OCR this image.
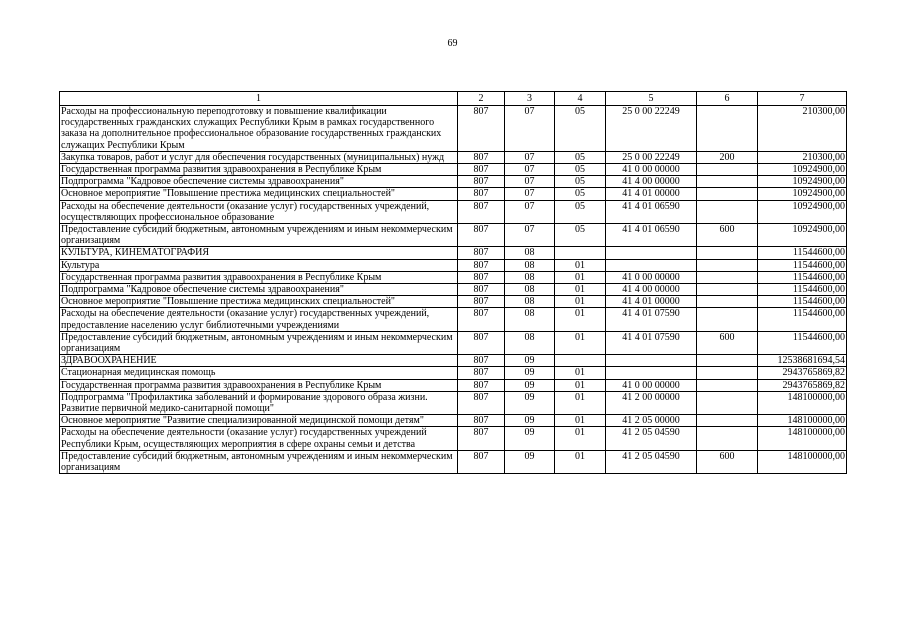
69
1	2	3	4	5	6	7
Расходы на профессиональную переподготовку и повышение квалификации государственных гражданских служащих Республики Крым в рамках государственного заказа на дополнительное профессиональное образование государственных гражданских служащих Республики Крым	807	07	05	25 0 00 22249		210300,00
Закупка товаров, работ и услуг для обеспечения государственных (муниципальных) нужд	807	07	05	25 0 00 22249	200	210300,00
Государственная программа развития здравоохранения в Республике Крым	807	07	05	41 0 00 00000		10924900,00
Подпрограмма "Кадровое обеспечение системы здравоохранения"	807	07	05	41 4 00 00000		10924900,00
Основное мероприятие "Повышение престижа медицинских специальностей"	807	07	05	41 4 01 00000		10924900,00
Расходы на обеспечение деятельности (оказание услуг) государственных учреждений, осуществляющих профессиональное образование	807	07	05	41 4 01 06590		10924900,00
Предоставление субсидий бюджетным, автономным учреждениям и иным некоммерческим организациям	807	07	05	41 4 01 06590	600	10924900,00
КУЛЬТУРА, КИНЕМАТОГРАФИЯ	807	08				11544600,00
Культура	807	08	01			11544600,00
Государственная программа развития здравоохранения в Республике Крым	807	08	01	41 0 00 00000		11544600,00
Подпрограмма "Кадровое обеспечение системы здравоохранения"	807	08	01	41 4 00 00000		11544600,00
Основное мероприятие "Повышение престижа медицинских специальностей"	807	08	01	41 4 01 00000		11544600,00
Расходы на обеспечение деятельности (оказание услуг) государственных учреждений, предоставление населению услуг библиотечными учреждениями	807	08	01	41 4 01 07590		11544600,00
Предоставление субсидий бюджетным, автономным учреждениям и иным некоммерческим организациям	807	08	01	41 4 01 07590	600	11544600,00
ЗДРАВООХРАНЕНИЕ	807	09				12538681694,54
Стационарная медицинская помощь	807	09	01			2943765869,82
Государственная программа развития здравоохранения в Республике Крым	807	09	01	41 0 00 00000		2943765869,82
Подпрограмма "Профилактика заболеваний и формирование здорового образа жизни. Развитие первичной медико-санитарной помощи"	807	09	01	41 2 00 00000		148100000,00
Основное мероприятие "Развитие специализированной медицинской помощи детям"	807	09	01	41 2 05 00000		148100000,00
Расходы на обеспечение деятельности (оказание услуг) государственных учреждений Республики Крым, осуществляющих мероприятия в сфере охраны семьи и детства	807	09	01	41 2 05 04590		148100000,00
Предоставление субсидий бюджетным, автономным учреждениям и иным некоммерческим организациям	807	09	01	41 2 05 04590	600	148100000,00
